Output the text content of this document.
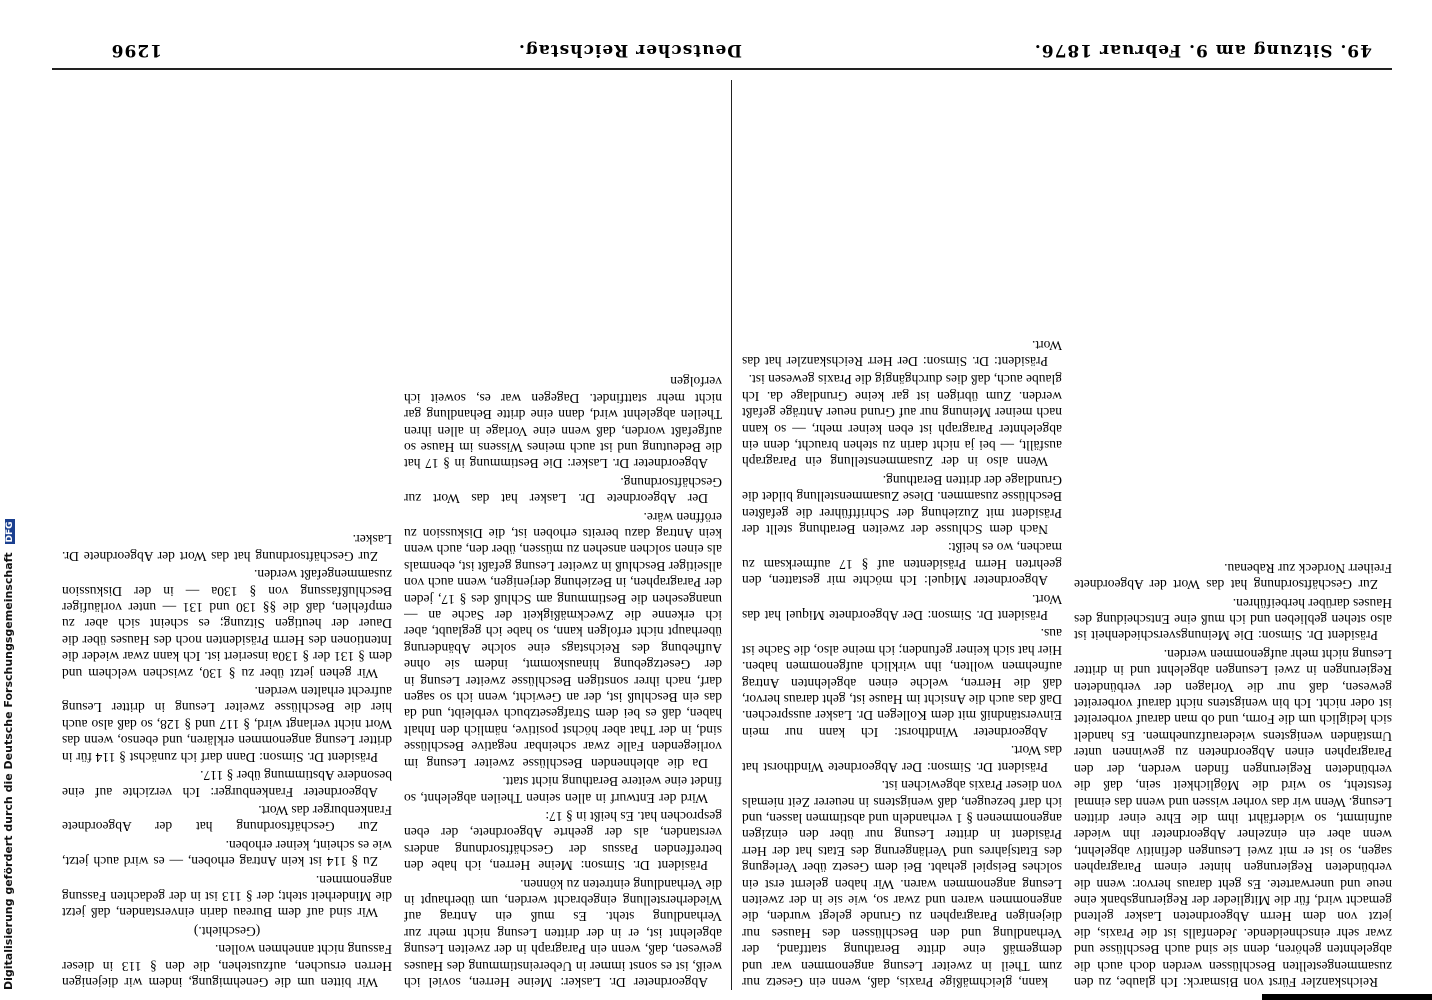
1296	Deutscher Reichstag.	49. Sitzung am 9. Februar 1876.

Wir bitten um die Genehmigung, indem wir diejenigen Herren ersuchen, aufzustehen, die den § 113 in dieser Fassung nicht annehmen wollen.

(Geschieht.)

Wir sind auf dem Bureau darin einverstanden, daß jetzt die Minderheit steht; der § 113 ist in der gedachten Fassung angenommen.

Zu § 114 ist kein Antrag erhoben, — es wird auch jetzt, wie es scheint, keiner erhoben.

Zur Geschäftsordnung hat der Abgeordnete Frankenburger das Wort.

Abgeordneter Frankenburger: Ich verzichte auf eine besondere Abstimmung über § 117.

Präsident Dr. Simson: Dann darf ich zunächst § 114 für in dritter Lesung angenommen erklären, und ebenso, wenn das Wort nicht verlangt wird, § 117 und § 128, so daß also auch hier die Beschlüsse zweiter Lesung in dritter Lesung aufrecht erhalten werden.

Wir gehen jetzt über zu § 130, zwischen welchem und dem § 131 der § 130a inseriert ist. Ich kann zwar wieder die Intentionen des Herrn Präsidenten noch des Hauses über die Dauer der heutigen Sitzung; es scheint sich aber zu empfehlen, daß die §§ 130 und 131 — unter vorläufiger Beschlußfassung von § 130a — in der Diskussion zusammengefaßt werden.

Zur Geschäftsordnung hat das Wort der Abgeordnete Dr. Lasker.

Abgeordneter Dr. Lasker: Meine Herren, soviel ich weiß, ist es sonst immer in Uebereinstimmung des Hauses gewesen, daß, wenn ein Paragraph in der zweiten Lesung abgelehnt ist, er in der dritten Lesung nicht mehr zur Verhandlung steht. Es muß ein Antrag auf Wiederherstellung eingebracht werden, um überhaupt in die Verhandlung eintreten zu können.

Präsident Dr. Simson: Meine Herren, ich habe den betreffenden Passus der Geschäftsordnung anders verstanden, als der geehrte Abgeordnete, der eben gesprochen hat. Es heißt in § 17:

Wird der Entwurf in allen seinen Theilen abgelehnt, so findet eine weitere Berathung nicht statt.

Da die ablehnenden Beschlüsse zweiter Lesung im vorliegenden Falle zwar scheinbar negative Beschlüsse sind, in der That aber höchst positive, nämlich den Inhalt haben, daß es bei dem Strafgesetzbuch verbleibt, und da das ein Beschluß ist, der an Gewicht, wenn ich so sagen darf, nach ihrer sonstigen Beschlüsse zweiter Lesung in der Gesetzgebung hinauskommt, indem sie ohne Aufhebung des Reichstags eine solche Abänderung überhaupt nicht erfolgen kann, so habe ich geglaubt, aber ich erkenne die Zweckmäßigkeit der Sache an — unangesehen die Bestimmung am Schluß des § 17, jeden der Paragraphen, in Beziehung derjenigen, wenn auch von allseitiger Beschluß in zweiter Lesung gefaßt ist, ebenmals als einen solchen ansehen zu müssen, über den, auch wenn kein Antrag dazu bereits erhoben ist, die Diskussion zu eröffnen wäre.

Der Abgeordnete Dr. Lasker hat das Wort zur Geschäftsordnung.

Abgeordneter Dr. Lasker: Die Bestimmung in § 17 hat die Bedeutung und ist auch meines Wissens im Hause so aufgefaßt worden, daß wenn eine Vorlage in allen ihren Theilen abgelehnt wird, dann eine dritte Behandlung gar nicht mehr stattfindet. Dagegen war es, soweit ich verfolgen

kann, gleichmäßige Praxis, daß, wenn ein Gesetz nur zum Theil in zweiter Lesung angenommen war und demgemäß eine dritte Berathung stattfand, der Verhandlung und den Beschlüssen des Hauses nur diejenigen Paragraphen zu Grunde gelegt wurden, die angenommen waren und zwar so, wie sie in der zweiten Lesung angenommen waren. Wir haben gelernt erst ein solches Beispiel gehabt. Bei dem Gesetz über Verlegung des Etatsjahres und Verlängerung des Etats hat der Herr Präsident in dritter Lesung nur über den einzigen angenommenen § 1 verhandeln und abstimmen lassen, und ich darf bezeugen, daß wenigstens in neuerer Zeit niemals von dieser Praxis abgewichen ist.

Präsident Dr. Simson: Der Abgeordnete Windthorst hat das Wort.

Abgeordneter Windthorst: Ich kann nur mein Einverständniß mit dem Kollegen Dr. Lasker aussprechen. Daß das auch die Ansicht im Hause ist, geht daraus hervor, daß die Herren, welche einen abgelehnten Antrag aufnehmen wollten, ihn wirklich aufgenommen haben. Hier hat sich keiner gefunden; ich meine also, die Sache ist aus.

Präsident Dr. Simson: Der Abgeordnete Miquel hat das Wort.

Abgeordneter Miquel: Ich möchte mir gestatten, den geehrten Herrn Präsidenten auf § 17 aufmerksam zu machen, wo es heißt:

Nach dem Schlusse der zweiten Berathung stellt der Präsident mit Zuziehung der Schriftführer die gefaßten Beschlüsse zusammen. Diese Zusammenstellung bildet die Grundlage der dritten Berathung.

Wenn also in der Zusammenstellung ein Paragraph ausfällt, — bei ja nicht darin zu stehen braucht, denn ein abgelehnter Paragraph ist eben keiner mehr, — so kann nach meiner Meinung nur auf Grund neuer Anträge gefaßt werden. Zum übrigen ist gar keine Grundlage da. Ich glaube auch, daß dies durchgängig die Praxis gewesen ist.

Präsident: Dr. Simson: Der Herr Reichskanzler hat das Wort.

Reichskanzler Fürst von Bismarck: Ich glaube, zu den zusammengestellten Beschlüssen werden doch auch die abgelehnten gehören, denn sie sind auch Beschlüsse und zwar sehr einschneidende. Jedenfalls ist die Praxis, die jetzt von dem Herrn Abgeordneten Lasker geltend gemacht wird, für die Mitglieder der Regierungsbank eine neue und unerwartete. Es geht daraus hervor: wenn die verbündeten Regierungen hinter einem Paragraphen sagen, so ist er mit zwei Lesungen definitiv abgelehnt, wenn aber ein einzelner Abgeordneter ihn wieder aufnimmt, so widerfährt ihm die Ehre einer dritten Lesung. Wenn wir das vorher wissen und wenn das einmal feststeht, so wird die Möglichkeit sein, daß die verbündeten Regierungen finden werden, der den Paragraphen einen Abgeordneten zu gewinnen unter Umständen wenigstens wiederaufzunehmen. Es handelt sich lediglich um die Form, und ob man darauf vorbereitet ist oder nicht. Ich bin wenigstens nicht darauf vorbereitet gewesen, daß nur die Vorlagen der verbündeten Regierungen in zwei Lesungen abgelehnt und in dritter Lesung nicht mehr aufgenommen werden.

Präsident Dr. Simson: Die Meinungsverschiedenheit ist also stehen geblieben und ich muß eine Entscheidung des Hauses darüber herbeiführen.

Zur Geschäftsordnung hat das Wort der Abgeordnete Freiherr Nordeck zur Rabenau.

Digitalisierung gefördert durch die Deutsche Forschungsgemeinschaft DFG
